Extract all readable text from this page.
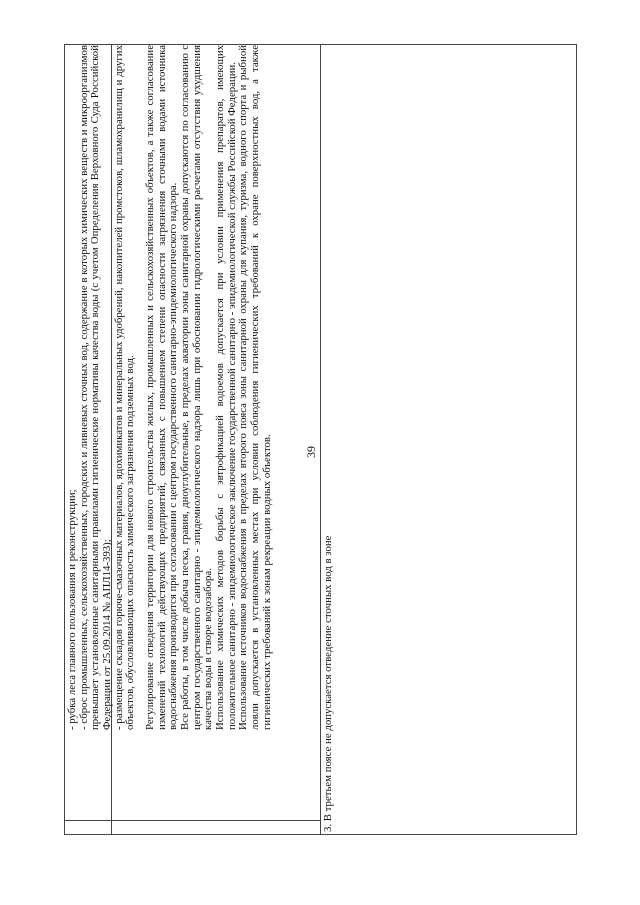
39

- рубка леса главного пользования и реконструкции; - сброс промышленных, сельскохозяйственных, городских и ливневых сточных вод, содержание в которых химических веществ и микроорганизмов превышает установленные санитарными правилами гигиенические нормативы качества воды (с учетом Определения Верховного Суда Российской Федерации от 25.09.2014 № АПЛ14-393); - размещение складов горюче-смазочных материалов, ядохимикатов и минеральных удобрений, накопителей промстоков, шламохранилищ и других объектов, обусловливающих опасность химического загрязнения подземных вод. Регулирование отведения территории для нового строительства жилых, промышленных и сельскохозяйственных объектов, а также согласование изменений технологий действующих предприятий, связанных с повышением степени опасности загрязнения сточными водами источника водоснабжения производится при согласовании с центром государственного санитарно-эпидемиологического надзора. Все работы, в том числе добыча песка, гравия, дноуглубительные, в пределах акватории зоны санитарной охраны допускаются по согласованию с центром государственного санитарно - эпидемиологического надзора лишь при обосновании гидрологическими расчетами отсутствия ухудшения качества воды в створе водозабора. Использование химических методов борьбы с эвтрофикацией водоемов допускается при условии применения препаратов, имеющих положительное санитарно - эпидемиологическое заключение государственной санитарно - эпидемиологической службы Российской Федерации. Использование источников водоснабжения в пределах второго пояса зоны санитарной охраны для купания, туризма, водного спорта и рыбной ловли допускается в установленных местах при условии соблюдения гигиенических требований к охране поверхностных вод, а также гигиенических требований к зонам рекреации водных объектов.	3. В третьем поясе не допускается отведение сточных вод в зоне
